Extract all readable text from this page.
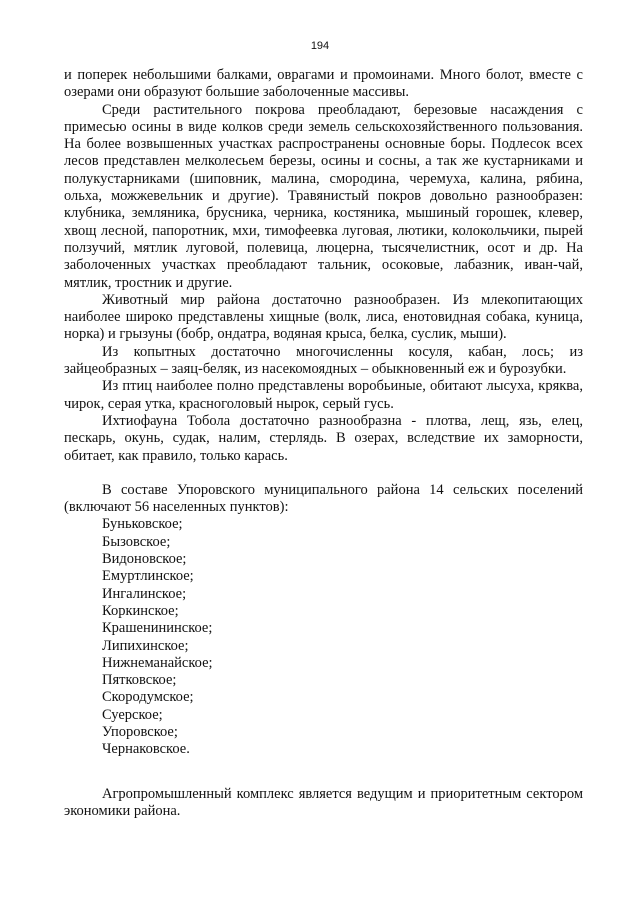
194

и поперек небольшими балками, оврагами и промоинами. Много болот, вместе с озерами они образуют большие заболоченные массивы.

Среди растительного покрова преобладают, березовые насаждения с примесью осины в виде колков среди земель сельскохозяйственного пользования. На более возвышенных участках распространены основные боры. Подлесок всех лесов представлен мелколесьем березы, осины и сосны, а так же кустарниками и полукустарниками (шиповник, малина, смородина, черемуха, калина, рябина, ольха, можжевельник и другие). Травянистый покров довольно разнообразен: клубника, земляника, брусника, черника, костяника, мышиный горошек, клевер, хвощ лесной, папоротник, мхи, тимофеевка луговая, лютики, колокольчики, пырей ползучий, мятлик луговой, полевица, люцерна, тысячелистник, осот и др. На заболоченных участках преобладают тальник, осоковые, лабазник, иван-чай, мятлик, тростник и другие.

Животный мир района достаточно разнообразен. Из млекопитающих наиболее широко представлены хищные (волк, лиса, енотовидная собака, куница, норка) и грызуны (бобр, ондатра, водяная крыса, белка, суслик, мыши).

Из копытных достаточно многочисленны косуля, кабан, лось; из зайцеобразных – заяц-беляк, из насекомоядных – обыкновенный еж и бурозубки.

Из птиц наиболее полно представлены воробьиные, обитают лысуха, кряква, чирок, серая утка, красноголовый нырок, серый гусь.

Ихтиофауна Тобола достаточно разнообразна - плотва, лещ, язь, елец, пескарь, окунь, судак, налим, стерлядь. В озерах, вследствие их заморности, обитает, как правило, только карась.

В составе Упоровского муниципального района 14 сельских поселений (включают 56 населенных пунктов):

Буньковское;
Бызовское;
Видоновское;
Емуртлинское;
Ингалинское;
Коркинское;
Крашенининское;
Липихинское;
Нижнеманайское;
Пятковское;
Скородумское;
Суерское;
Упоровское;
Чернаковское.

Агропромышленный комплекс является ведущим и приоритетным сектором экономики района.
